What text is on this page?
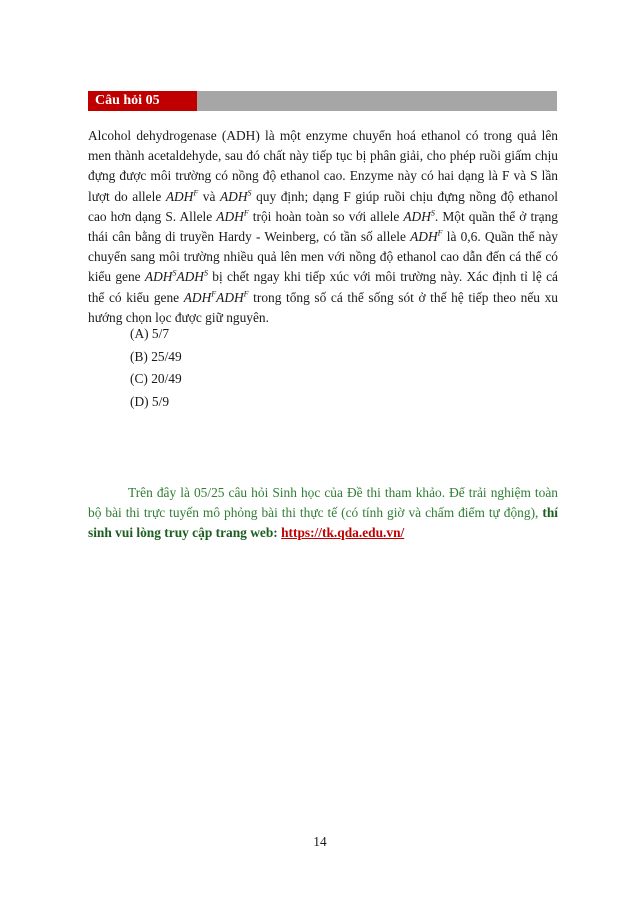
Câu hỏi 05

Alcohol dehydrogenase (ADH) là một enzyme chuyển hoá ethanol có trong quả lên men thành acetaldehyde, sau đó chất này tiếp tục bị phân giải, cho phép ruồi giấm chịu đựng được môi trường có nồng độ ethanol cao. Enzyme này có hai dạng là F và S lần lượt do allele $ADH^F$ và $ADH^S$ quy định; dạng F giúp ruồi chịu đựng nồng độ ethanol cao hơn dạng S. Allele $ADH^F$ trội hoàn toàn so với allele $ADH^S$. Một quần thể ở trạng thái cân bằng di truyền Hardy - Weinberg, có tần số allele $ADH^F$ là 0,6. Quần thể này chuyển sang môi trường nhiều quả lên men với nồng độ ethanol cao dẫn đến cá thể có kiểu gene $ADH^SADH^S$ bị chết ngay khi tiếp xúc với môi trường này. Xác định tỉ lệ cá thể có kiểu gene $ADH^FADH^F$ trong tổng số cá thể sống sót ở thế hệ tiếp theo nếu xu hướng chọn lọc được giữ nguyên.

(A) 5/7
(B) 25/49
(C) 20/49
(D) 5/9
Trên đây là 05/25 câu hỏi Sinh học của Đề thi tham khảo. Để trải nghiệm toàn bộ bài thi trực tuyến mô phỏng bài thi thực tế (có tính giờ và chấm điểm tự động), thí sinh vui lòng truy cập trang web: https://tk.qda.edu.vn/
14
